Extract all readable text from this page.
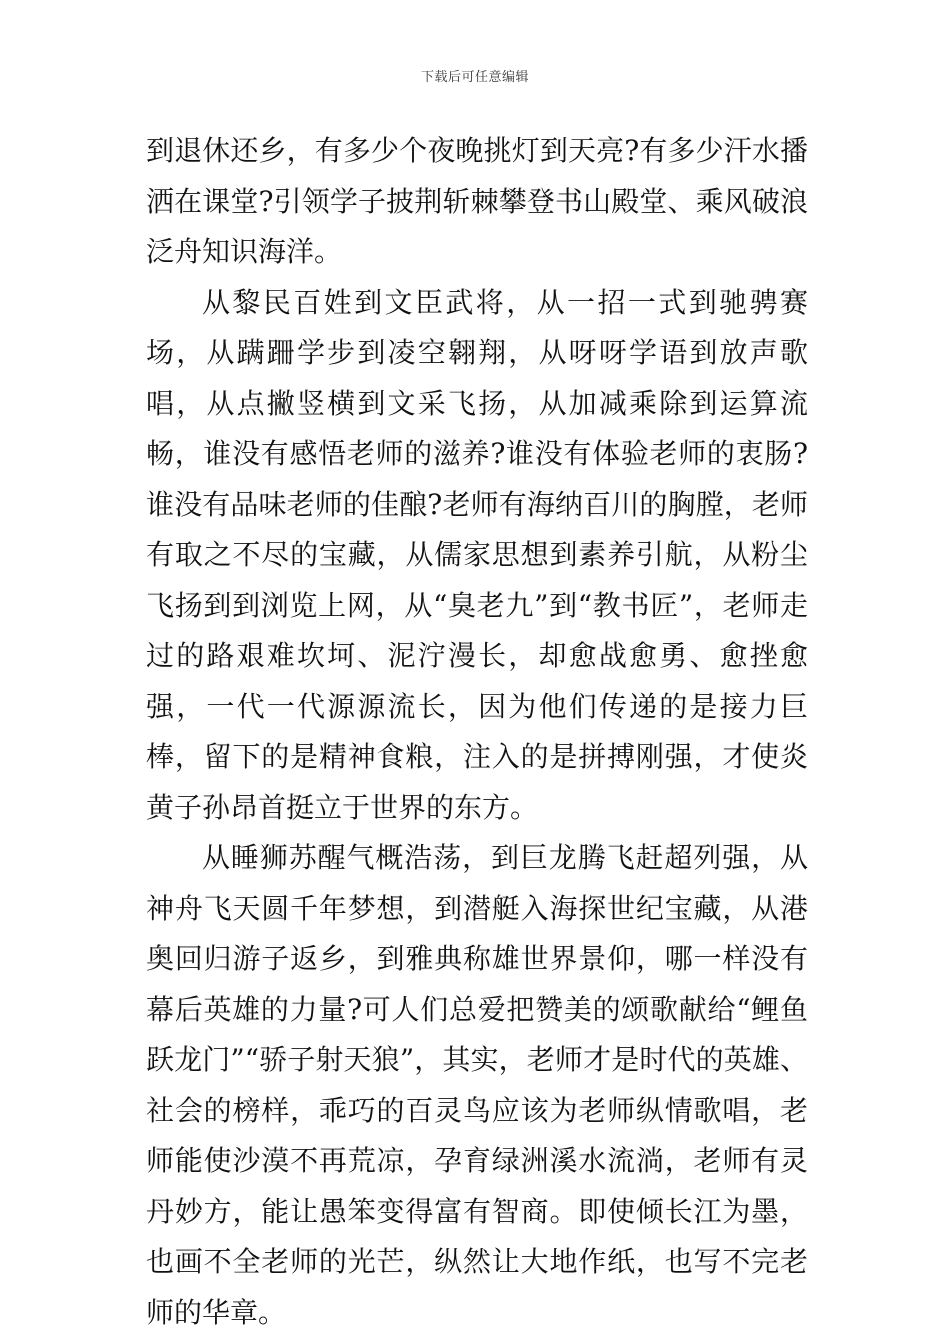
下载后可任意编辑

到退休还乡，有多少个夜晚挑灯到天亮?有多少汗水播洒在课堂?引领学子披荆斩棘攀登书山殿堂、乘风破浪泛舟知识海洋。

从黎民百姓到文臣武将，从一招一式到驰骋赛场，从蹒跚学步到凌空翱翔，从呀呀学语到放声歌唱，从点撇竖横到文采飞扬，从加减乘除到运算流畅，谁没有感悟老师的滋养?谁没有体验老师的衷肠?谁没有品味老师的佳酿?老师有海纳百川的胸膛，老师有取之不尽的宝藏，从儒家思想到素养引航，从粉尘飞扬到到浏览上网，从“臭老九”到“教书匠”，老师走过的路艰难坎坷、泥泞漫长，却愈战愈勇、愈挫愈强，一代一代源源流长，因为他们传递的是接力巨棒，留下的是精神食粮，注入的是拼搏刚强，才使炎黄子孙昂首挺立于世界的东方。

从睡狮苏醒气概浩荡，到巨龙腾飞赶超列强，从神舟飞天圆千年梦想，到潜艇入海探世纪宝藏，从港奥回归游子返乡，到雅典称雄世界景仰，哪一样没有幕后英雄的力量?可人们总爱把赞美的颂歌献给“鲤鱼跃龙门”“骄子射天狼”，其实，老师才是时代的英雄、社会的榜样，乖巧的百灵鸟应该为老师纵情歌唱，老师能使沙漠不再荒凉，孕育绿洲溪水流淌，老师有灵丹妙方，能让愚笨变得富有智商。即使倾长江为墨，也画不全老师的光芒，纵然让大地作纸，也写不完老师的华章。
